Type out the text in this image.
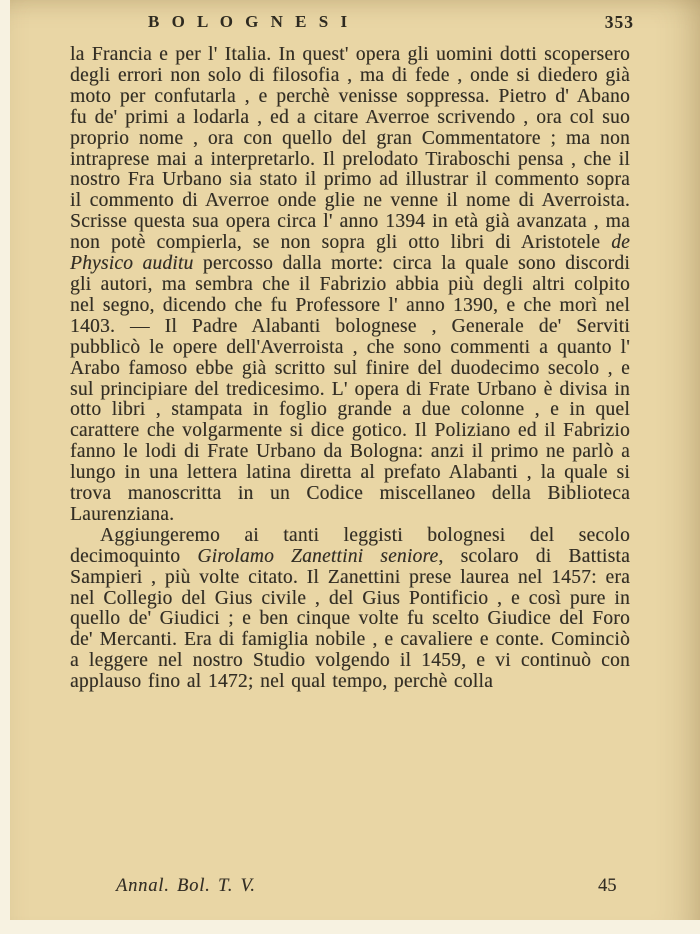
B O L O G N E S I	353

la Francia e per l' Italia. In quest' opera gli uomini dotti scopersero degli errori non solo di filosofia , ma di fede , onde si diedero già moto per confutarla , e perchè venisse soppressa. Pietro d' Abano fu de' primi a lodarla , ed a citare Averroe scrivendo , ora col suo proprio nome , ora con quello del gran Commentatore ; ma non intraprese mai a interpretarlo. Il prelodato Tiraboschi pensa , che il nostro Fra Urbano sia stato il primo ad illustrar il commento sopra il commento di Averroe onde glie ne venne il nome di Averroista. Scrisse questa sua opera circa l' anno 1394 in età già avanzata , ma non potè compierla, se non sopra gli otto libri di Aristotele de Physico auditu percosso dalla morte: circa la quale sono discordi gli autori, ma sembra che il Fabrizio abbia più degli altri colpito nel segno, dicendo che fu Professore l' anno 1390, e che morì nel 1403. — Il Padre Alabanti bolognese , Generale de' Serviti pubblicò le opere dell'Averroista , che sono commenti a quanto l' Arabo famoso ebbe già scritto sul finire del duodecimo secolo , e sul principiare del tredicesimo. L' opera di Frate Urbano è divisa in otto libri , stampata in foglio grande a due colonne , e in quel carattere che volgarmente si dice gotico. Il Poliziano ed il Fabrizio fanno le lodi di Frate Urbano da Bologna: anzi il primo ne parlò a lungo in una lettera latina diretta al prefato Alabanti , la quale si trova manoscritta in un Codice miscellaneo della Biblioteca Laurenziana.

Aggiungeremo ai tanti leggisti bolognesi del secolo decimoquinto Girolamo Zanettini seniore, scolaro di Battista Sampieri , più volte citato. Il Zanettini prese laurea nel 1457: era nel Collegio del Gius civile , del Gius Pontificio , e così pure in quello de' Giudici ; e ben cinque volte fu scelto Giudice del Foro de' Mercanti. Era di famiglia nobile , e cavaliere e conte. Cominciò a leggere nel nostro Studio volgendo il 1459, e vi continuò con applauso fino al 1472; nel qual tempo, perchè colla

Annal. Bol. T. V.	45
